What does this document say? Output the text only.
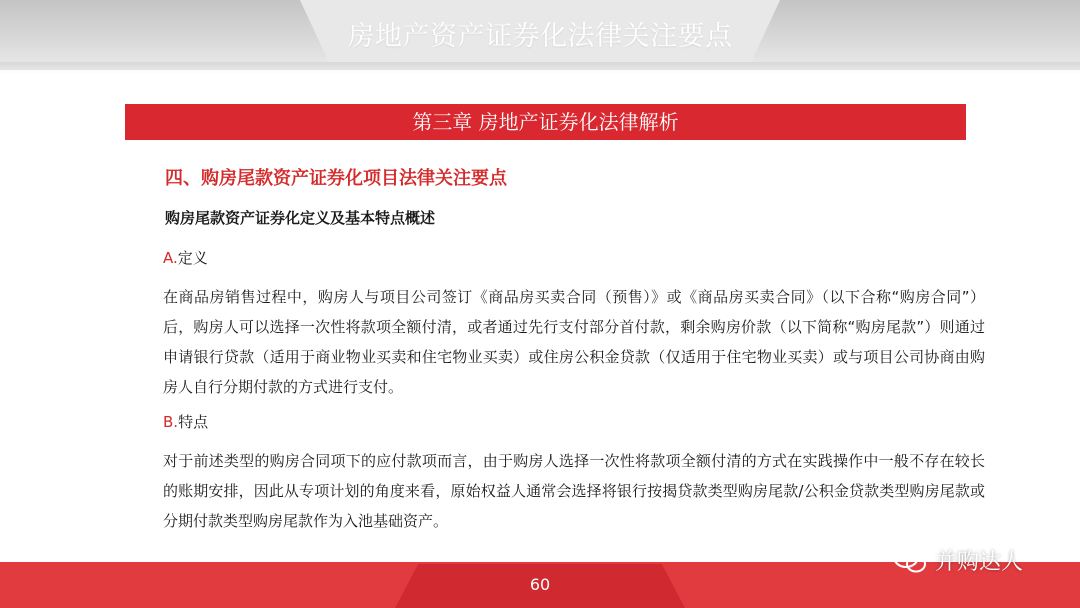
房地产资产证券化法律关注要点
第三章 房地产证券化法律解析
四、购房尾款资产证券化项目法律关注要点
购房尾款资产证券化定义及基本特点概述
A.定义
在商品房销售过程中，购房人与项目公司签订《商品房买卖合同（预售）》或《商品房买卖合同》（以下合称“购房合同”）后，购房人可以选择一次性将款项全额付清，或者通过先行支付部分首付款，剩余购房价款（以下简称“购房尾款”）则通过申请银行贷款（适用于商业物业买卖和住宅物业买卖）或住房公积金贷款（仅适用于住宅物业买卖）或与项目公司协商由购房人自行分期付款的方式进行支付。
B.特点
对于前述类型的购房合同项下的应付款项而言，由于购房人选择一次性将款项全额付清的方式在实践操作中一般不存在较长的账期安排，因此从专项计划的角度来看，原始权益人通常会选择将银行按揭贷款类型购房尾款/公积金贷款类型购房尾款或分期付款类型购房尾款作为入池基础资产。
60
并购达人
